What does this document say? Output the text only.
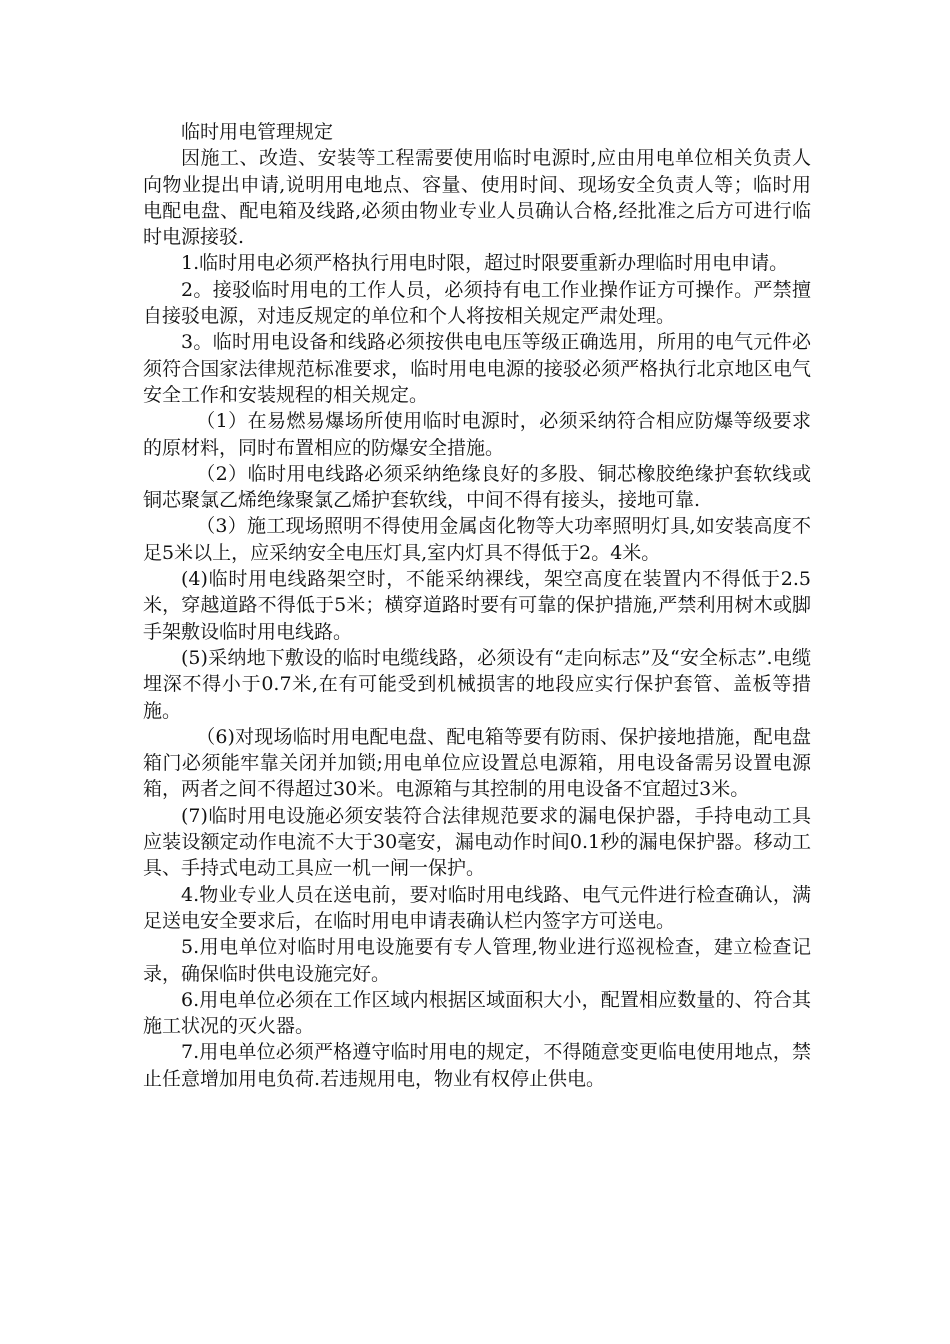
临时用电管理规定

因施工、改造、安装等工程需要使用临时电源时,应由用电单位相关负责人向物业提出申请,说明用电地点、容量、使用时间、现场安全负责人等；临时用电配电盘、配电箱及线路,必须由物业专业人员确认合格,经批准之后方可进行临时电源接驳.

1.临时用电必须严格执行用电时限，超过时限要重新办理临时用电申请。

2。接驳临时用电的工作人员，必须持有电工作业操作证方可操作。严禁擅自接驳电源，对违反规定的单位和个人将按相关规定严肃处理。

3。临时用电设备和线路必须按供电电压等级正确选用，所用的电气元件必须符合国家法律规范标准要求，临时用电电源的接驳必须严格执行北京地区电气安全工作和安装规程的相关规定。

（1）在易燃易爆场所使用临时电源时，必须采纳符合相应防爆等级要求的原材料，同时布置相应的防爆安全措施。

（2）临时用电线路必须采纳绝缘良好的多股、铜芯橡胶绝缘护套软线或铜芯聚氯乙烯绝缘聚氯乙烯护套软线，中间不得有接头，接地可靠.

（3）施工现场照明不得使用金属卤化物等大功率照明灯具,如安装高度不足5米以上，应采纳安全电压灯具,室内灯具不得低于2。4米。

(4)临时用电线路架空时，不能采纳裸线，架空高度在装置内不得低于2.5米，穿越道路不得低于5米；横穿道路时要有可靠的保护措施,严禁利用树木或脚手架敷设临时用电线路。

(5)采纳地下敷设的临时电缆线路，必须设有“走向标志”及“安全标志”.电缆埋深不得小于0.7米,在有可能受到机械损害的地段应实行保护套管、盖板等措施。

（6)对现场临时用电配电盘、配电箱等要有防雨、保护接地措施，配电盘箱门必须能牢靠关闭并加锁;用电单位应设置总电源箱，用电设备需另设置电源箱，两者之间不得超过30米。电源箱与其控制的用电设备不宜超过3米。

(7)临时用电设施必须安装符合法律规范要求的漏电保护器，手持电动工具应装设额定动作电流不大于30毫安，漏电动作时间0.1秒的漏电保护器。移动工具、手持式电动工具应一机一闸一保护。

4.物业专业人员在送电前，要对临时用电线路、电气元件进行检查确认，满足送电安全要求后，在临时用电申请表确认栏内签字方可送电。

5.用电单位对临时用电设施要有专人管理,物业进行巡视检查，建立检查记录，确保临时供电设施完好。

6.用电单位必须在工作区域内根据区域面积大小，配置相应数量的、符合其施工状况的灭火器。

7.用电单位必须严格遵守临时用电的规定，不得随意变更临电使用地点，禁止任意增加用电负荷.若违规用电，物业有权停止供电。
